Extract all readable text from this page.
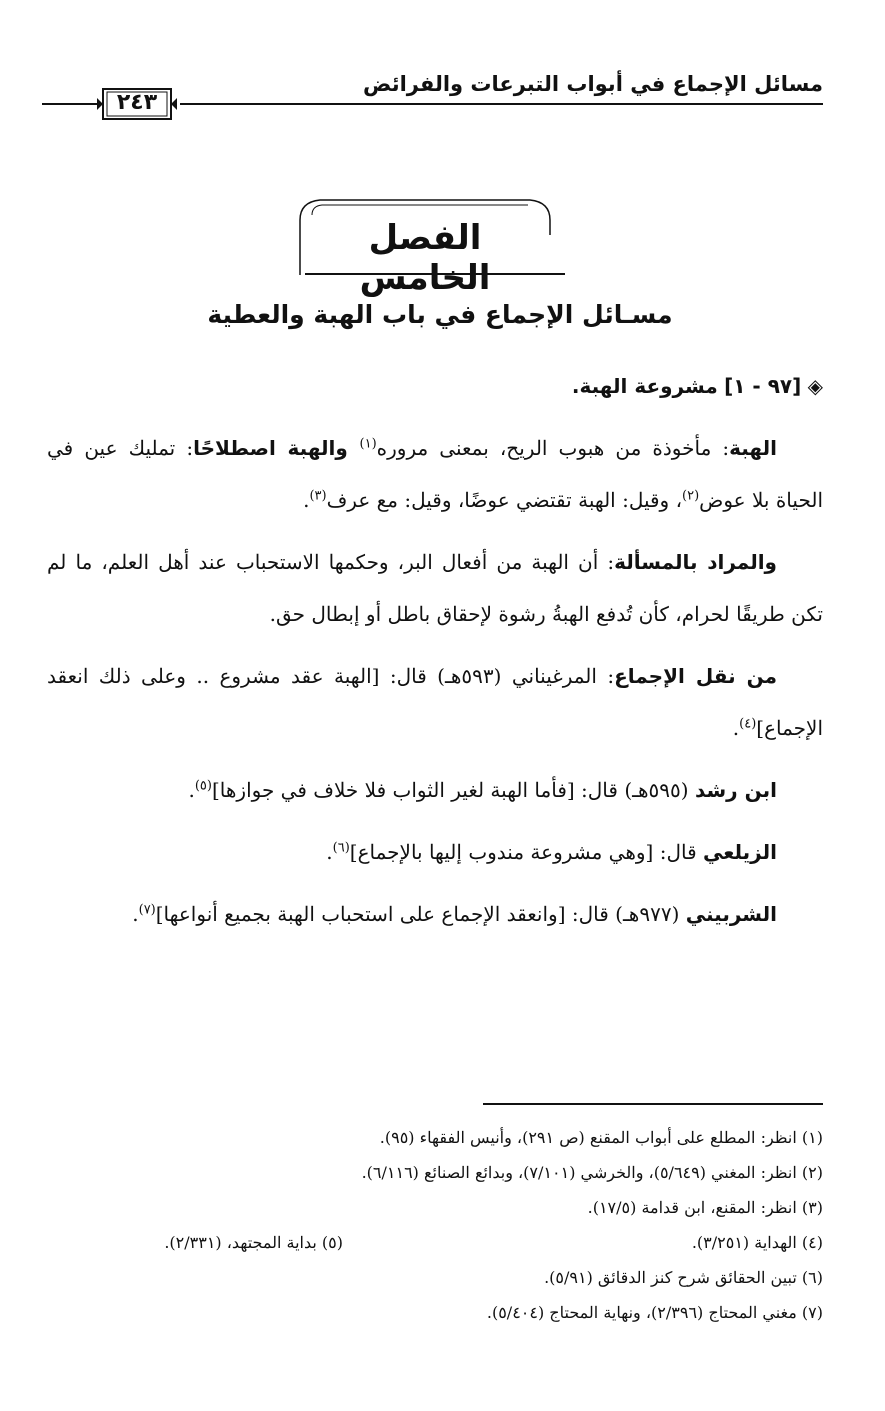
مسائل الإجماع في أبواب التبرعات والفرائض
٢٤٣
الفصل الخامس
مسـائل الإجماع في باب الهبة والعطية

◈ [٩٧ - ١] مشروعة الهبة.

الهبة: مأخوذة من هبوب الريح، بمعنى مروره$^{(١)}$ والهبة اصطلاحًا: تمليك عين في الحياة بلا عوض$^{(٢)}$، وقيل: الهبة تقتضي عوضًا، وقيل: مع عرف$^{(٣)}$.

والمراد بالمسألة: أن الهبة من أفعال البر، وحكمها الاستحباب عند أهل العلم، ما لم تكن طريقًا لحرام، كأن تُدفع الهبةُ رشوة لإحقاق باطل أو إبطال حق.

من نقل الإجماع: المرغيناني (٥٩٣هـ) قال: [الهبة عقد مشروع .. وعلى ذلك انعقد الإجماع]$^{(٤)}$.

ابن رشد (٥٩٥هـ) قال: [فأما الهبة لغير الثواب فلا خلاف في جوازها]$^{(٥)}$.

الزيلعي قال: [وهي مشروعة مندوب إليها بالإجماع]$^{(٦)}$.

الشربيني (٩٧٧هـ) قال: [وانعقد الإجماع على استحباب الهبة بجميع أنواعها]$^{(٧)}$.

(١) انظر: المطلع على أبواب المقنع (ص ٢٩١)، وأنيس الفقهاء (٩٥).
(٢) انظر: المغني (٥/٦٤٩)، والخرشي (٧/١٠١)، وبدائع الصنائع (٦/١١٦).
(٣) انظر: المقنع، ابن قدامة (١٧/٥).
(٤) الهداية (٣/٢٥١).
(٥) بداية المجتهد، (٢/٣٣١).
(٦) تبين الحقائق شرح كنز الدقائق (٥/٩١).
(٧) مغني المحتاج (٢/٣٩٦)، ونهاية المحتاج (٥/٤٠٤).
